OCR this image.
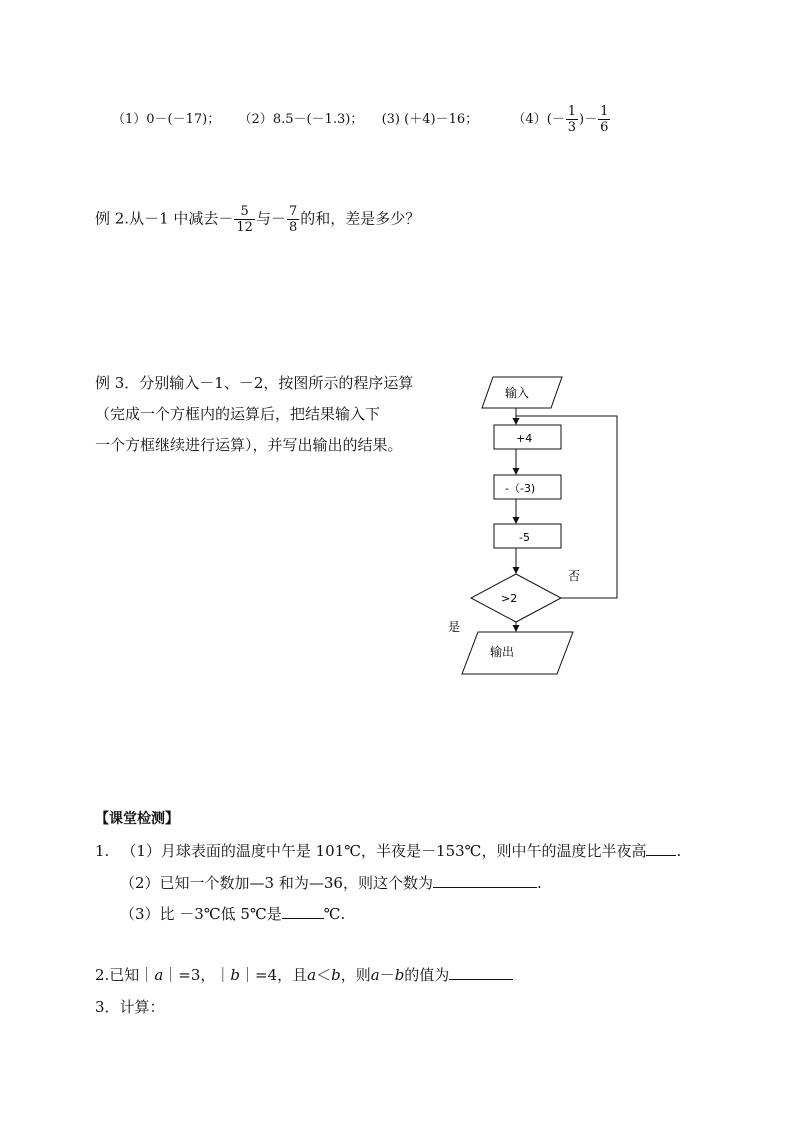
（1）0－(－17)； （2）8.5－(－1.3)； (3) (＋4)－16；	$(4)(- \frac{1}{3}$ )－ $\frac{1}{6}$
例 2.从－1 中减去－ $\frac{5}{12}$ 与－ $\frac{7}{8}$ 的和，差是多少？
例 3．分别输入－1、－2，按图所示的程序运算
（完成一个方框内的运算后，把结果输入下
一个方框继续进行运算），并写出输出的结果。
输入
+4
-（-3)
-5
>2
否
是
输出
【课堂检测】
1. （1）月球表面的温度中午是 101℃，半夜是－153℃，则中午的温度比半夜高 .
（2）已知一个数加—3 和为—36，则这个数为	.
（3）比 －3℃低 5℃是	℃.
2.已知｜a｜=3，｜b｜=4，且a＜b，则a－b的值为
3．计算：
